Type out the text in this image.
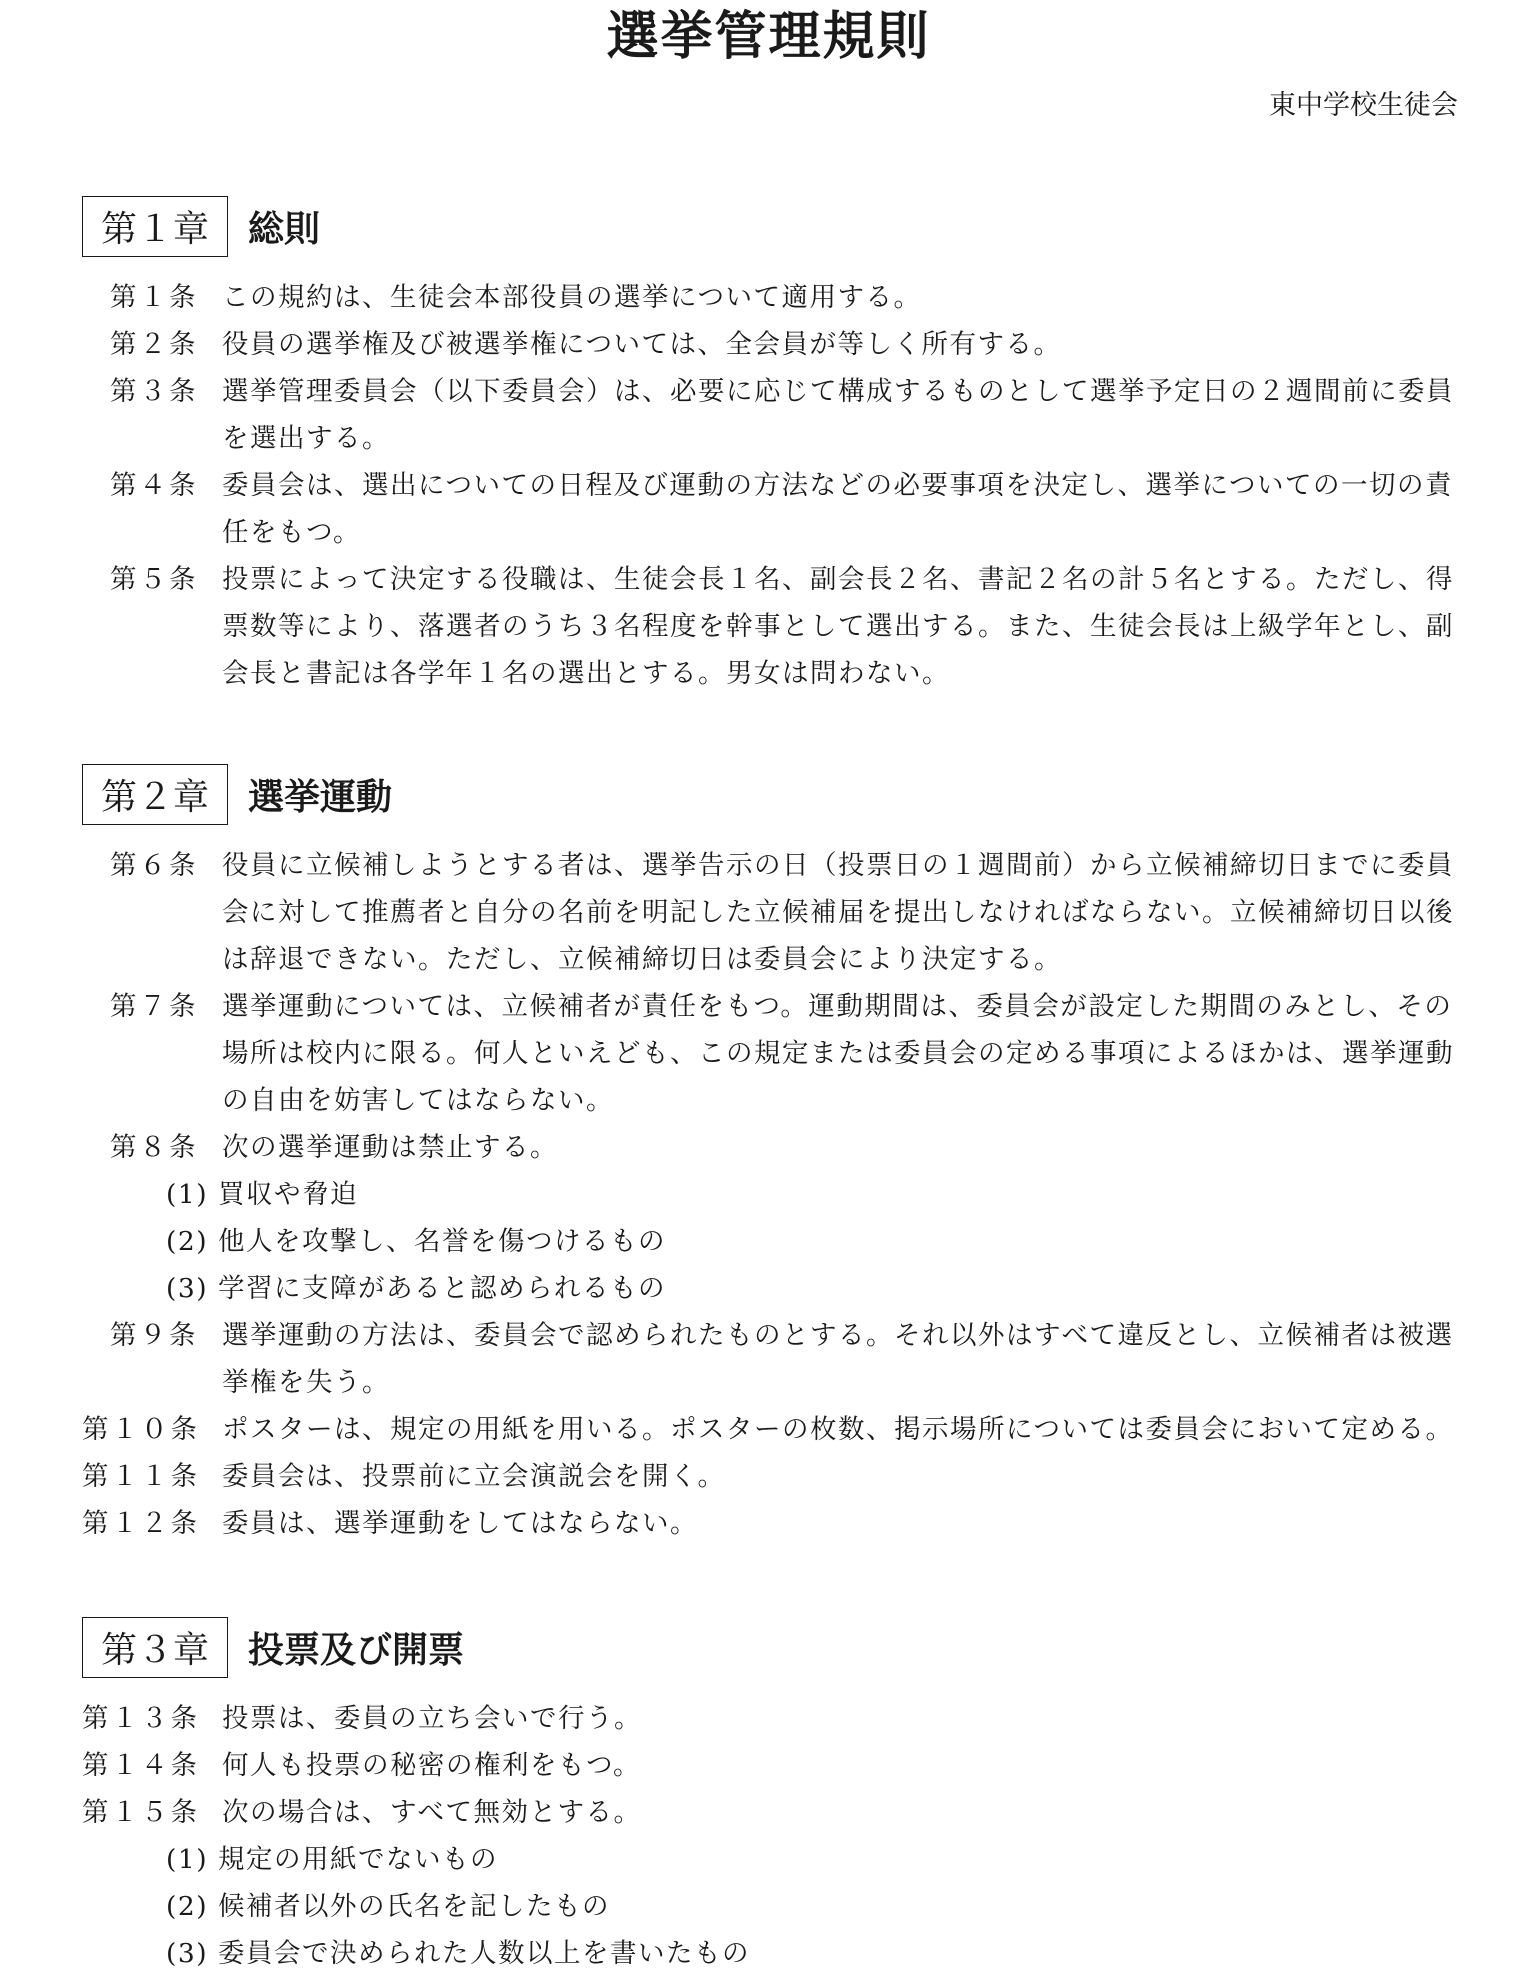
選挙管理規則
東中学校生徒会
第１章	総則
第１条 この規約は、生徒会本部役員の選挙について適用する。
第２条 役員の選挙権及び被選挙権については、全会員が等しく所有する。
第３条 選挙管理委員会（以下委員会）は、必要に応じて構成するものとして選挙予定日の２週間前に委員を選出する。
第４条 委員会は、選出についての日程及び運動の方法などの必要事項を決定し、選挙についての一切の責任をもつ。
第５条 投票によって決定する役職は、生徒会長１名、副会長２名、書記２名の計５名とする。ただし、得票数等により、落選者のうち３名程度を幹事として選出する。また、生徒会長は上級学年とし、副会長と書記は各学年１名の選出とする。男女は問わない。
第２章	選挙運動
第６条 役員に立候補しようとする者は、選挙告示の日（投票日の１週間前）から立候補締切日までに委員会に対して推薦者と自分の名前を明記した立候補届を提出しなければならない。立候補締切日以後は辞退できない。ただし、立候補締切日は委員会により決定する。
第７条 選挙運動については、立候補者が責任をもつ。運動期間は、委員会が設定した期間のみとし、その場所は校内に限る。何人といえども、この規定または委員会の定める事項によるほかは、選挙運動の自由を妨害してはならない。
第８条 次の選挙運動は禁止する。
(1) 買収や脅迫
(2) 他人を攻撃し、名誉を傷つけるもの
(3) 学習に支障があると認められるもの
第９条 選挙運動の方法は、委員会で認められたものとする。それ以外はすべて違反とし、立候補者は被選挙権を失う。
第１０条 ポスターは、規定の用紙を用いる。ポスターの枚数、掲示場所については委員会において定める。
第１１条 委員会は、投票前に立会演説会を開く。
第１２条 委員は、選挙運動をしてはならない。
第３章	投票及び開票
第１３条 投票は、委員の立ち会いで行う。
第１４条 何人も投票の秘密の権利をもつ。
第１５条 次の場合は、すべて無効とする。
(1) 規定の用紙でないもの
(2) 候補者以外の氏名を記したもの
(3) 委員会で決められた人数以上を書いたもの
